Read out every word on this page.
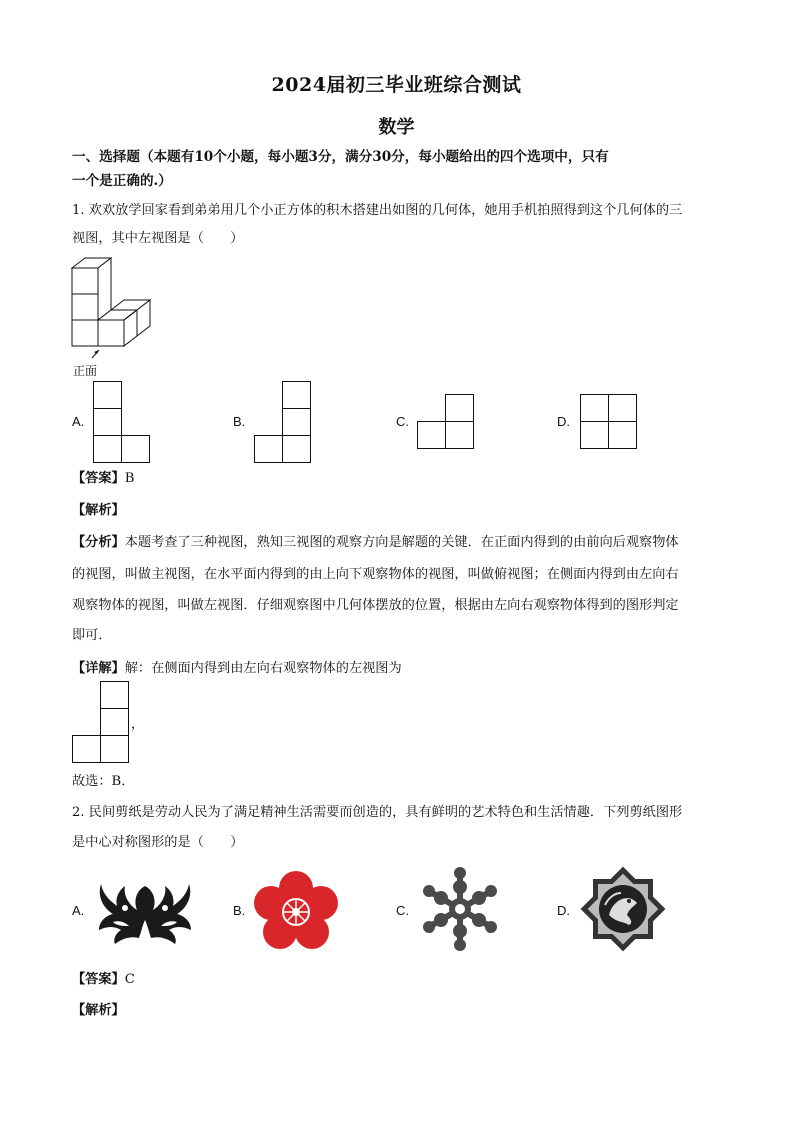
2024届初三毕业班综合测试
数学
一、选择题（本题有10个小题，每小题3分，满分30分，每小题给出的四个选项中，只有
一个是正确的.）
1. 欢欢放学回家看到弟弟用几个小正方体的积木搭建出如图的几何体，她用手机拍照得到这个几何体的三
视图，其中左视图是（　　）
正面
A.	B.	C.	D.
【答案】B
【解析】
【分析】本题考查了三种视图，熟知三视图的观察方向是解题的关键．在正面内得到的由前向后观察物体
的视图，叫做主视图，在水平面内得到的由上向下观察物体的视图，叫做俯视图；在侧面内得到由左向右
观察物体的视图，叫做左视图．仔细观察图中几何体摆放的位置，根据由左向右观察物体得到的图形判定
即可．
【详解】解：在侧面内得到由左向右观察物体的左视图为
，
故选：B．
2. 民间剪纸是劳动人民为了满足精神生活需要而创造的，具有鲜明的艺术特色和生活情趣．下列剪纸图形
是中心对称图形的是（　　）
A.	B.	C.	D.
【答案】C
【解析】
